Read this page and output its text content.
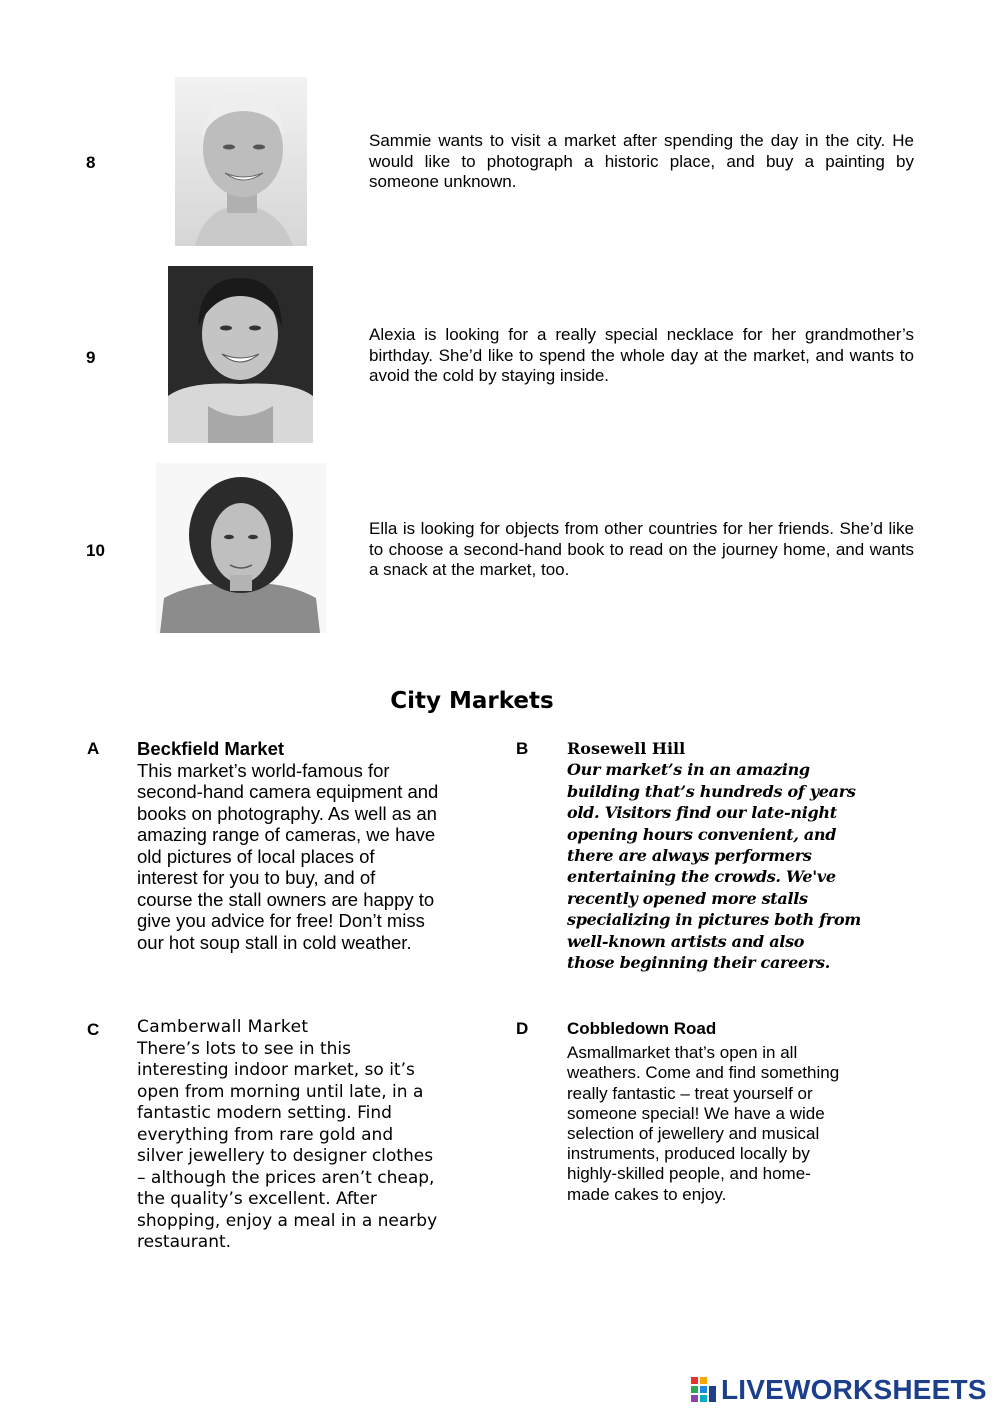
8
Sammie wants to visit a market after spending the day in the city. He would like to photograph a historic place, and buy a painting by someone unknown.
9
Alexia is looking for a really special necklace for her grandmother’s birthday. She’d like to spend the whole day at the market, and wants to avoid the cold by staying inside.
10
Ella is looking for objects from other countries for her friends. She’d like to choose a second-hand book to read on the journey home, and wants a snack at the market, too.
City Markets
A Beckfield Market
This market’s world-famous for
second-hand camera equipment and
books on photography. As well as an
amazing range of cameras, we have
old pictures of local places of
interest for you to buy, and of
course the stall owners are happy to
give you advice for free! Don’t miss
our hot soup stall in cold weather.
B Rosewell Hill
Our market’s in an amazing
building that’s hundreds of years
old. Visitors find our late-night
opening hours convenient, and
there are always performers
entertaining the crowds. We've
recently opened more stalls
specializing in pictures both from
well-known artists and also
those beginning their careers.
C Camberwall Market
There’s lots to see in this
interesting indoor market, so it’s
open from morning until late, in a
fantastic modern setting. Find
everything from rare gold and
silver jewellery to designer clothes
– although the prices aren’t cheap,
the quality’s excellent. After
shopping, enjoy a meal in a nearby
restaurant.
D Cobbledown Road
Asmallmarket that’s open in all
weathers. Come and find something
really fantastic – treat yourself or
someone special! We have a wide
selection of jewellery and musical
instruments, produced locally by
highly-skilled people, and home-
made cakes to enjoy.
LIVEWORKSHEETS
